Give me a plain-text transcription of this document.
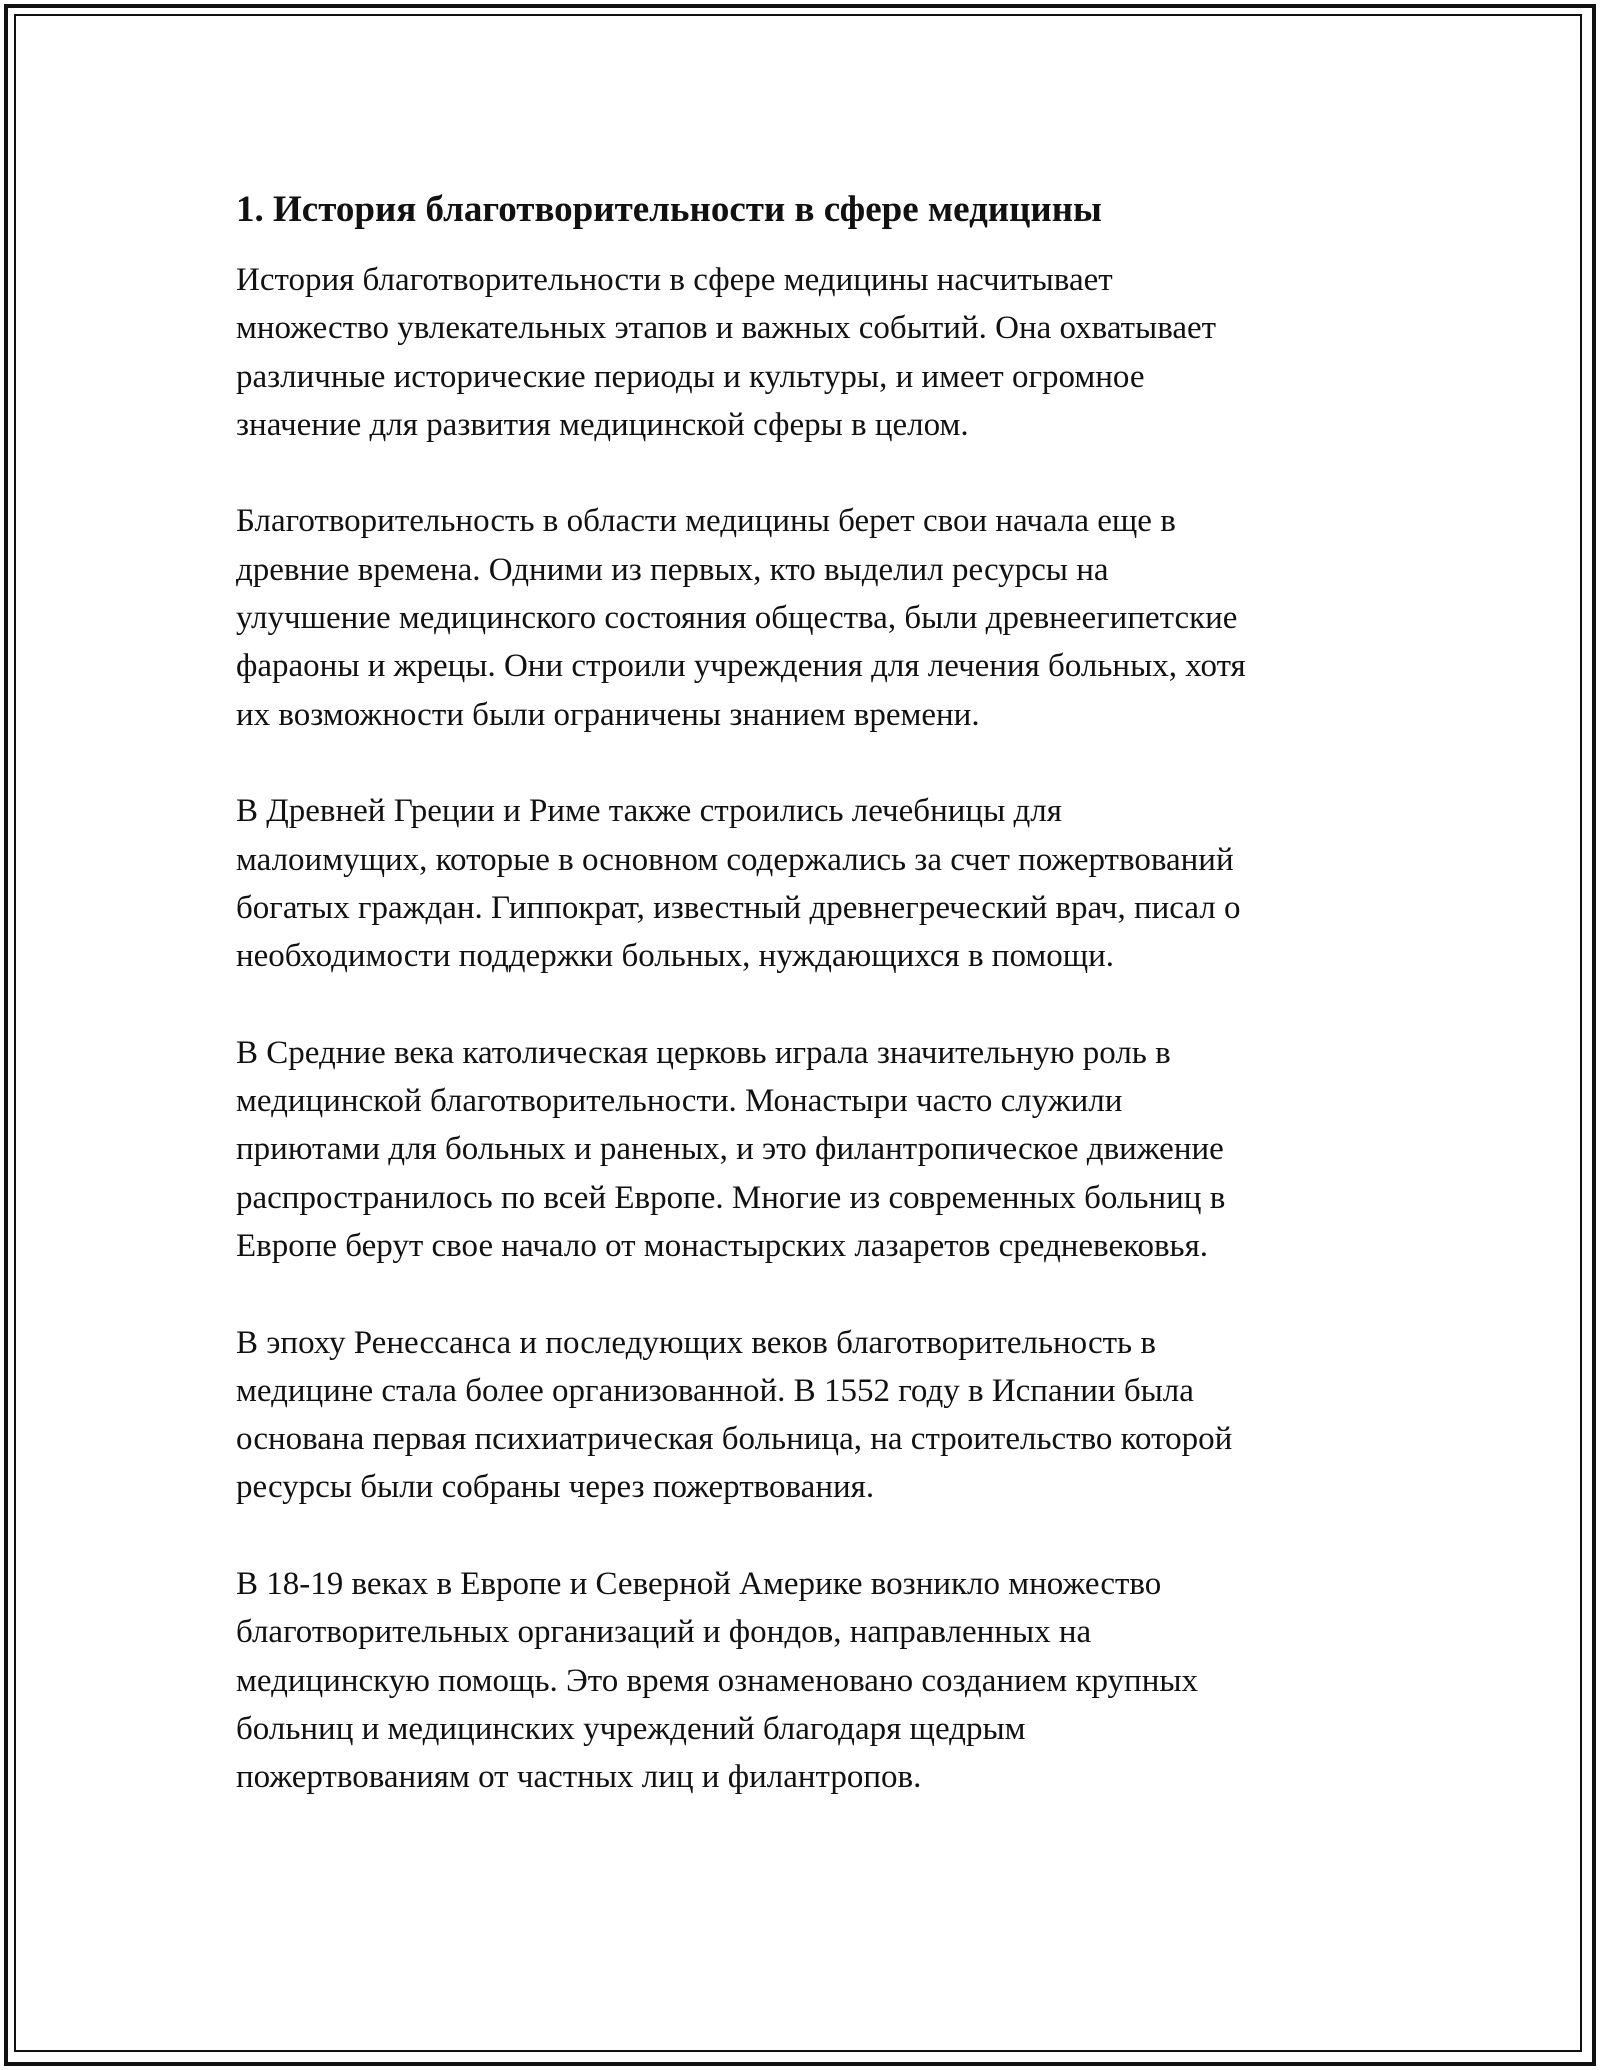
1. История благотворительности в сфере медицины

История благотворительности в сфере медицины насчитывает
множество увлекательных этапов и важных событий. Она охватывает
различные исторические периоды и культуры, и имеет огромное
значение для развития медицинской сферы в целом.

Благотворительность в области медицины берет свои начала еще в
древние времена. Одними из первых, кто выделил ресурсы на
улучшение медицинского состояния общества, были древнеегипетские
фараоны и жрецы. Они строили учреждения для лечения больных, хотя
их возможности были ограничены знанием времени.

В Древней Греции и Риме также строились лечебницы для
малоимущих, которые в основном содержались за счет пожертвований
богатых граждан. Гиппократ, известный древнегреческий врач, писал о
необходимости поддержки больных, нуждающихся в помощи.

В Средние века католическая церковь играла значительную роль в
медицинской благотворительности. Монастыри часто служили
приютами для больных и раненых, и это филантропическое движение
распространилось по всей Европе. Многие из современных больниц в
Европе берут свое начало от монастырских лазаретов средневековья.

В эпоху Ренессанса и последующих веков благотворительность в
медицине стала более организованной. В 1552 году в Испании была
основана первая психиатрическая больница, на строительство которой
ресурсы были собраны через пожертвования.

В 18-19 веках в Европе и Северной Америке возникло множество
благотворительных организаций и фондов, направленных на
медицинскую помощь. Это время ознаменовано созданием крупных
больниц и медицинских учреждений благодаря щедрым
пожертвованиям от частных лиц и филантропов.
